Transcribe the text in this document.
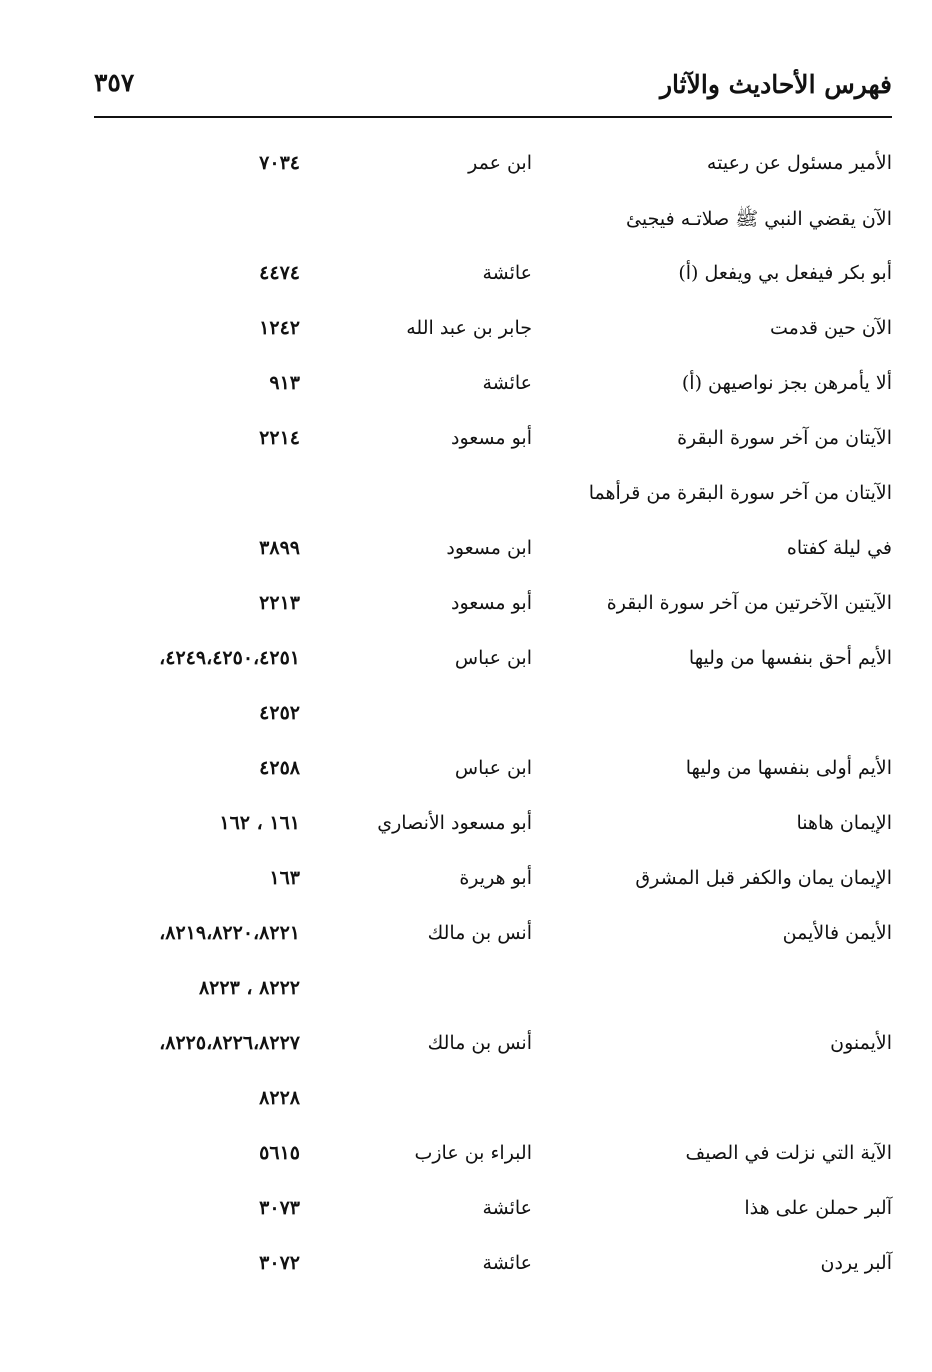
فهرس الأحاديث والآثار
٣٥٧
الأمير مسئول عن رعيته
ابن عمر
٧٠٣٤
الآن يقضي النبي ﷺ صلاتـه فيجيئ
أبو بكر فيفعل بي ويفعل (أ)
عائشة
٤٤٧٤
الآن حين قدمت
جابر بن عبد الله
١٢٤٢
ألا يأمرهن بجز نواصيهن (أ)
عائشة
٩١٣
الآيتان من آخر سورة البقرة
أبو مسعود
٢٢١٤
الآيتان من آخر سورة البقرة من قرأهما
في ليلة كفتاه
ابن مسعود
٣٨٩٩
الآيتين الآخرتين من آخر سورة البقرة
أبو مسعود
٢٢١٣
الأيم أحق بنفسها من وليها
ابن عباس
٤٢٤٩،٤٢٥٠،٤٢٥١،
٤٢٥٢
الأيم أولى بنفسها من وليها
ابن عباس
٤٢٥٨
الإيمان هاهنا
أبو مسعود الأنصاري
١٦١ ، ١٦٢
الإيمان يمان والكفر قبل المشرق
أبو هريرة
١٦٣
الأيمن فالأيمن
أنس بن مالك
٨٢١٩،٨٢٢٠،٨٢٢١،
٨٢٢٢ ، ٨٢٢٣
الأيمنون
أنس بن مالك
٨٢٢٥،٨٢٢٦،٨٢٢٧،
٨٢٢٨
الآية التي نزلت في الصيف
البراء بن عازب
٥٦١٥
آلبر حملن على هذا
عائشة
٣٠٧٣
آلبر يردن
عائشة
٣٠٧٢
